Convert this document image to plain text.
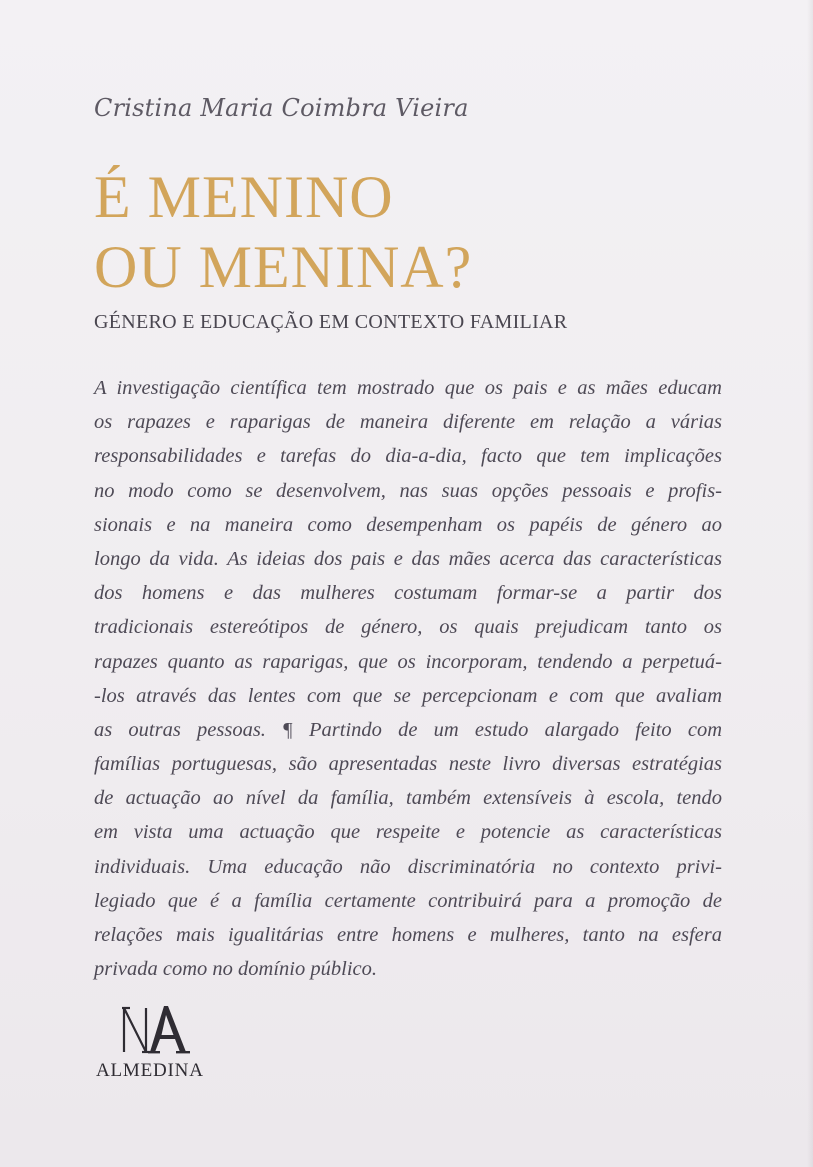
Cristina Maria Coimbra Vieira
É MENINO
OU MENINA?
GÉNERO E EDUCAÇÃO EM CONTEXTO FAMILIAR
A investigação científica tem mostrado que os pais e as mães educam
os rapazes e raparigas de maneira diferente em relação a várias
responsabilidades e tarefas do dia-a-dia, facto que tem implicações
no modo como se desenvolvem, nas suas opções pessoais e profis-
sionais e na maneira como desempenham os papéis de género ao
longo da vida. As ideias dos pais e das mães acerca das características
dos homens e das mulheres costumam formar-se a partir dos
tradicionais estereótipos de género, os quais prejudicam tanto os
rapazes quanto as raparigas, que os incorporam, tendendo a perpetuá-
-los através das lentes com que se percepcionam e com que avaliam
as outras pessoas. ¶ Partindo de um estudo alargado feito com
famílias portuguesas, são apresentadas neste livro diversas estratégias
de actuação ao nível da família, também extensíveis à escola, tendo
em vista uma actuação que respeite e potencie as características
individuais. Uma educação não discriminatória no contexto privi-
legiado que é a família certamente contribuirá para a promoção de
relações mais igualitárias entre homens e mulheres, tanto na esfera
privada como no domínio público.
ALMEDINA
